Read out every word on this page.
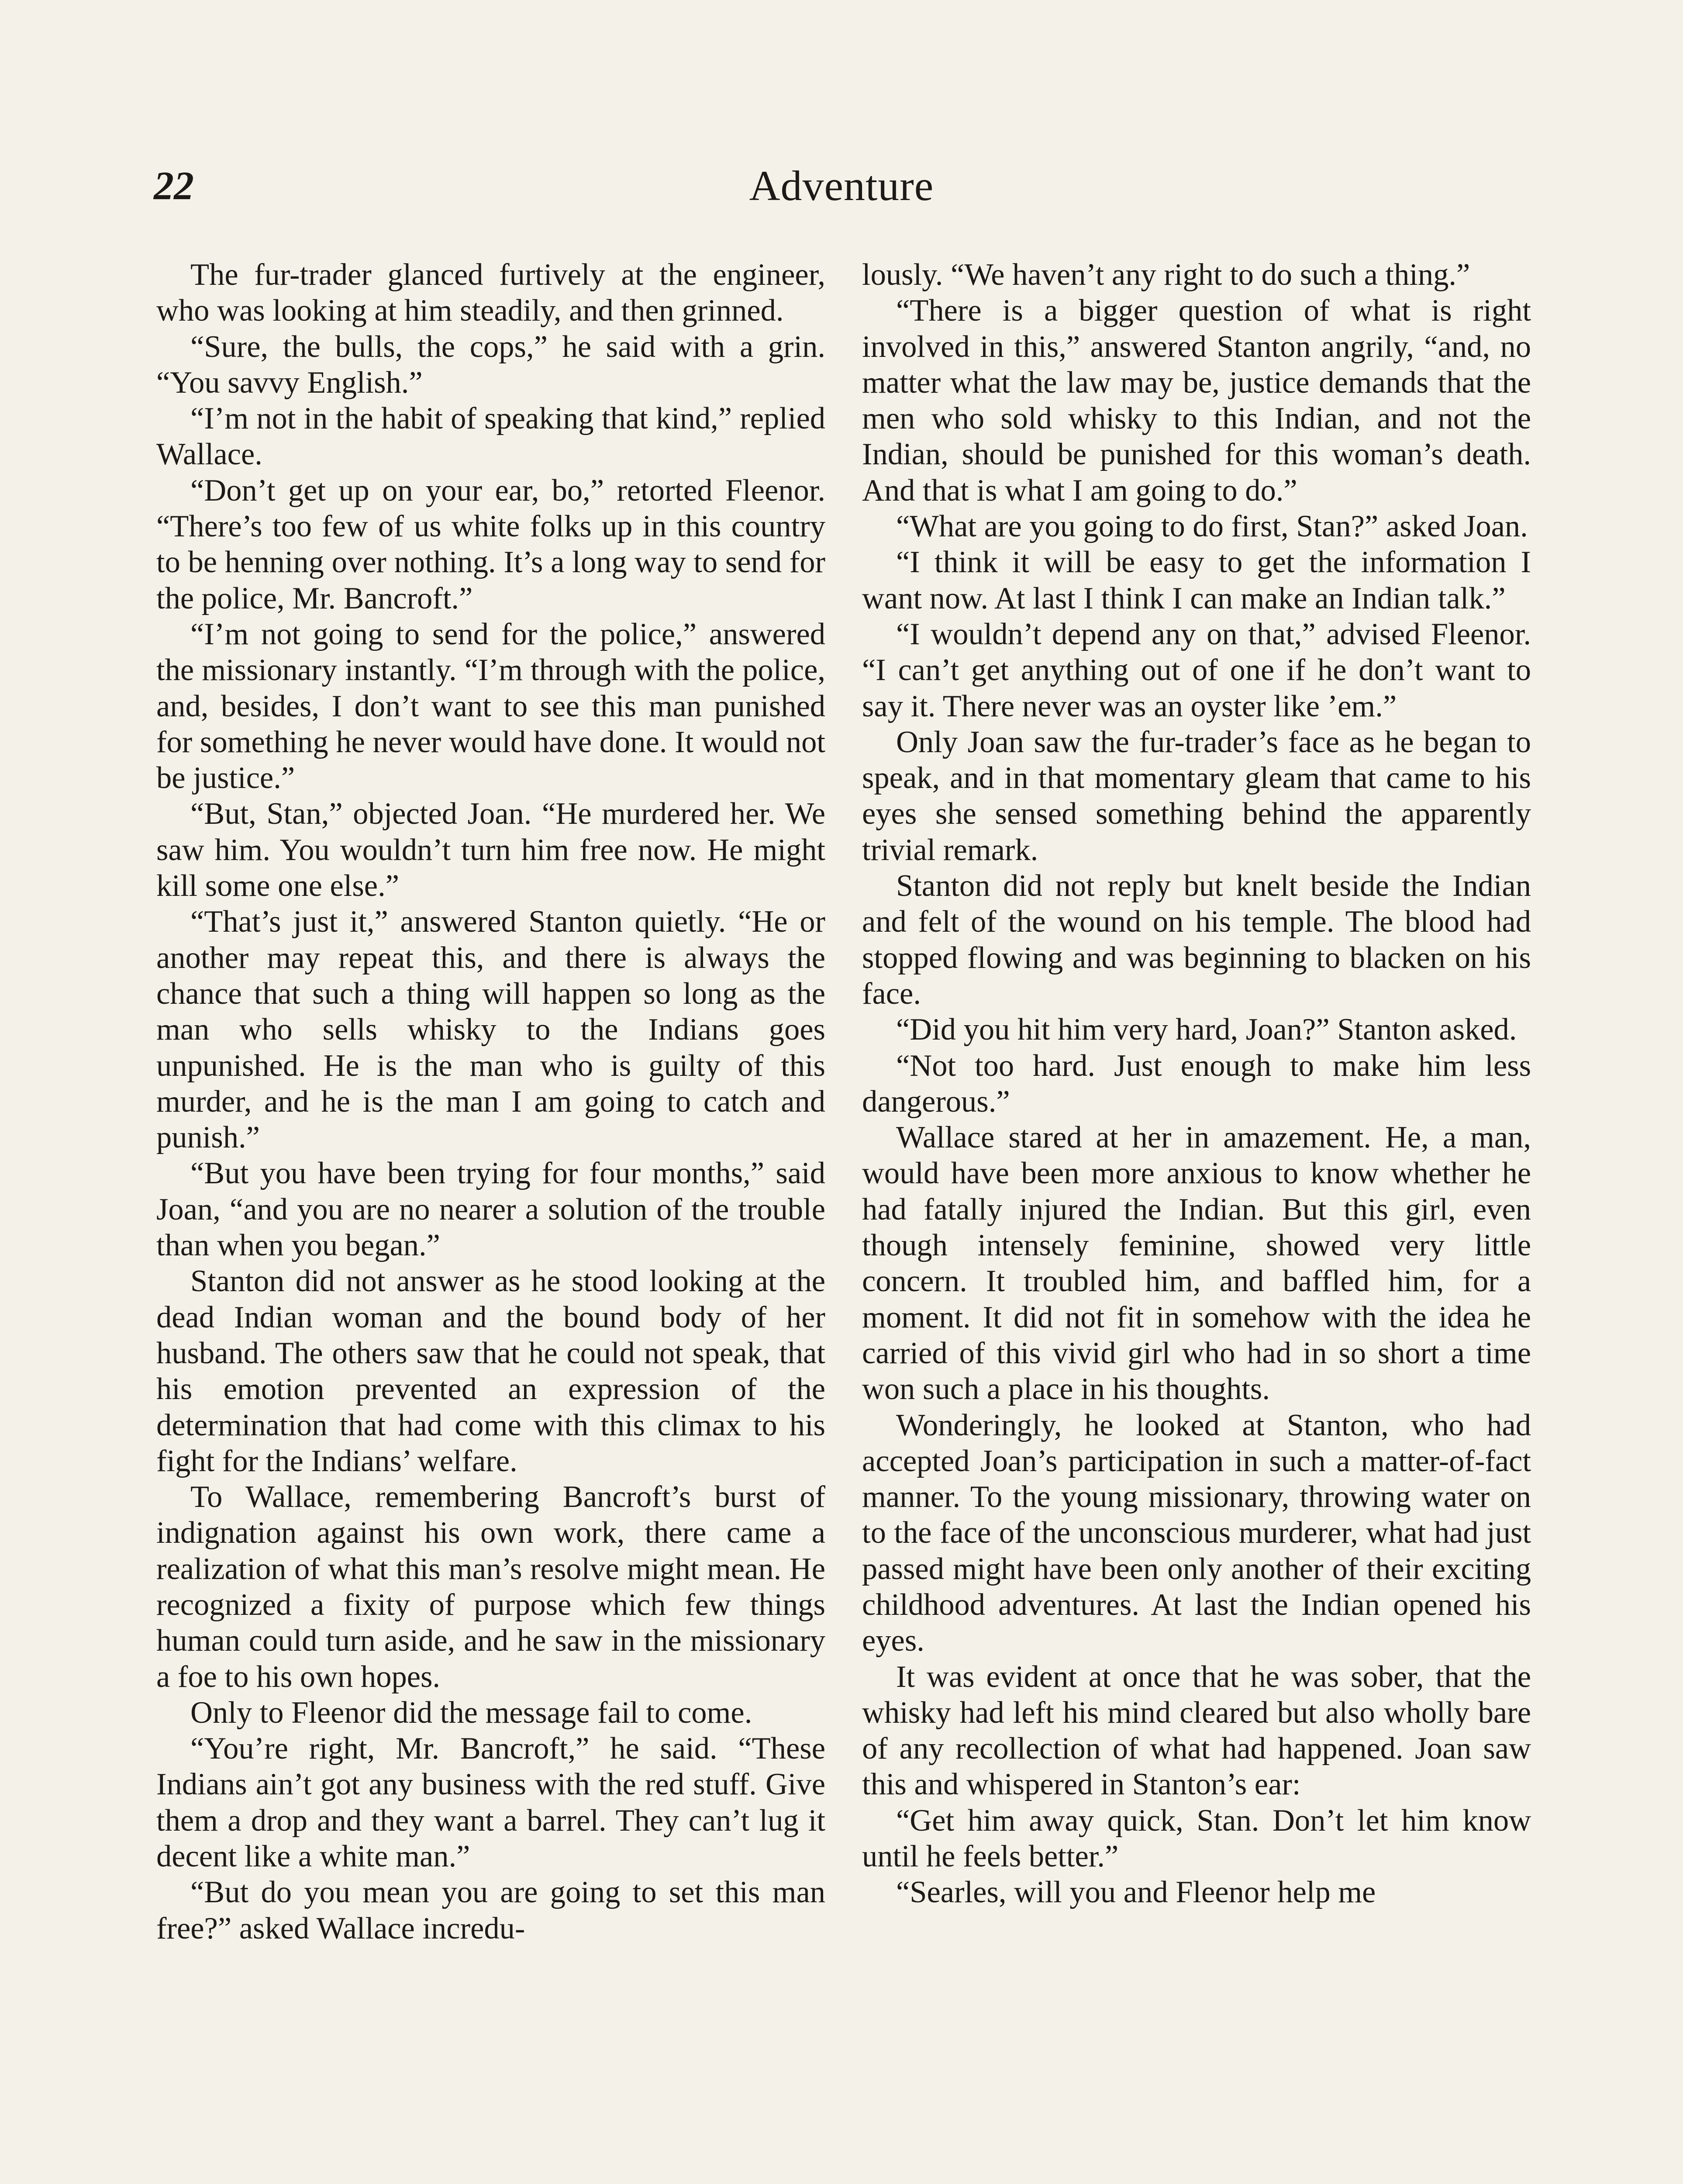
22	Adventure

The fur-trader glanced furtively at the engineer, who was looking at him steadily, and then grinned.

“Sure, the bulls, the cops,” he said with a grin. “You savvy English.”

“I’m not in the habit of speaking that kind,” replied Wallace.

“Don’t get up on your ear, bo,” retorted Fleenor. “There’s too few of us white folks up in this country to be henning over nothing. It’s a long way to send for the police, Mr. Bancroft.”

“I’m not going to send for the police,” answered the missionary instantly. “I’m through with the police, and, besides, I don’t want to see this man punished for something he never would have done. It would not be justice.”

“But, Stan,” objected Joan. “He murdered her. We saw him. You wouldn’t turn him free now. He might kill some one else.”

“That’s just it,” answered Stanton quietly. “He or another may repeat this, and there is always the chance that such a thing will happen so long as the man who sells whisky to the Indians goes unpunished. He is the man who is guilty of this murder, and he is the man I am going to catch and punish.”

“But you have been trying for four months,” said Joan, “and you are no nearer a solution of the trouble than when you began.”

Stanton did not answer as he stood looking at the dead Indian woman and the bound body of her husband. The others saw that he could not speak, that his emotion prevented an expression of the determination that had come with this climax to his fight for the Indians’ welfare.

To Wallace, remembering Bancroft’s burst of indignation against his own work, there came a realization of what this man’s resolve might mean. He recognized a fixity of purpose which few things human could turn aside, and he saw in the missionary a foe to his own hopes.

Only to Fleenor did the message fail to come.

“You’re right, Mr. Bancroft,” he said. “These Indians ain’t got any business with the red stuff. Give them a drop and they want a barrel. They can’t lug it decent like a white man.”

“But do you mean you are going to set this man free?” asked Wallace incredu-

lously. “We haven’t any right to do such a thing.”

“There is a bigger question of what is right involved in this,” answered Stanton angrily, “and, no matter what the law may be, justice demands that the men who sold whisky to this Indian, and not the Indian, should be punished for this woman’s death. And that is what I am going to do.”

“What are you going to do first, Stan?” asked Joan.

“I think it will be easy to get the information I want now. At last I think I can make an Indian talk.”

“I wouldn’t depend any on that,” advised Fleenor. “I can’t get anything out of one if he don’t want to say it. There never was an oyster like ’em.”

Only Joan saw the fur-trader’s face as he began to speak, and in that momentary gleam that came to his eyes she sensed something behind the apparently trivial remark.

Stanton did not reply but knelt beside the Indian and felt of the wound on his temple. The blood had stopped flowing and was beginning to blacken on his face.

“Did you hit him very hard, Joan?” Stanton asked.

“Not too hard. Just enough to make him less dangerous.”

Wallace stared at her in amazement. He, a man, would have been more anxious to know whether he had fatally injured the Indian. But this girl, even though intensely feminine, showed very little concern. It troubled him, and baffled him, for a moment. It did not fit in somehow with the idea he carried of this vivid girl who had in so short a time won such a place in his thoughts.

Wonderingly, he looked at Stanton, who had accepted Joan’s participation in such a matter-of-fact manner. To the young missionary, throwing water on to the face of the unconscious murderer, what had just passed might have been only another of their exciting childhood adventures. At last the Indian opened his eyes.

It was evident at once that he was sober, that the whisky had left his mind cleared but also wholly bare of any recollection of what had happened. Joan saw this and whispered in Stanton’s ear:

“Get him away quick, Stan. Don’t let him know until he feels better.”

“Searles, will you and Fleenor help me
